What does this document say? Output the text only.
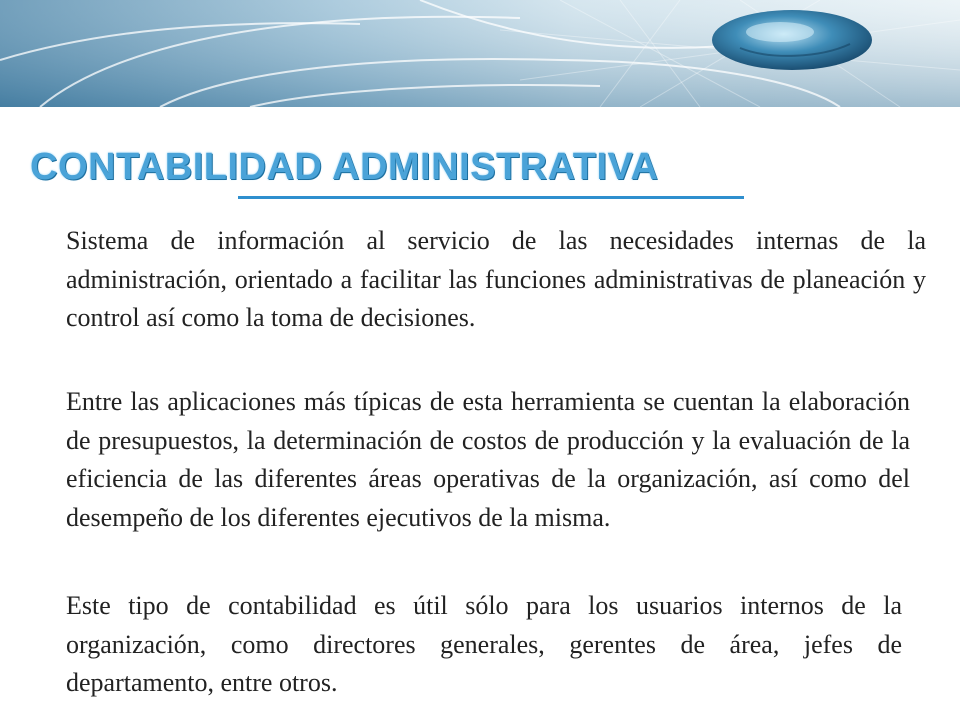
CONTABILIDAD ADMINISTRATIVA
Sistema de información al servicio de las necesidades internas de la administración, orientado a facilitar las funciones administrativas de planeación y control así como la toma de decisiones.
Entre las aplicaciones más típicas de esta herramienta se cuentan la elaboración de presupuestos, la determinación de costos de producción y la evaluación de la eficiencia de las diferentes áreas operativas de la organización, así como del desempeño de los diferentes ejecutivos de la misma.
Este tipo de contabilidad es útil sólo para los usuarios internos de la organización, como directores generales, gerentes de área, jefes de departamento, entre otros.
